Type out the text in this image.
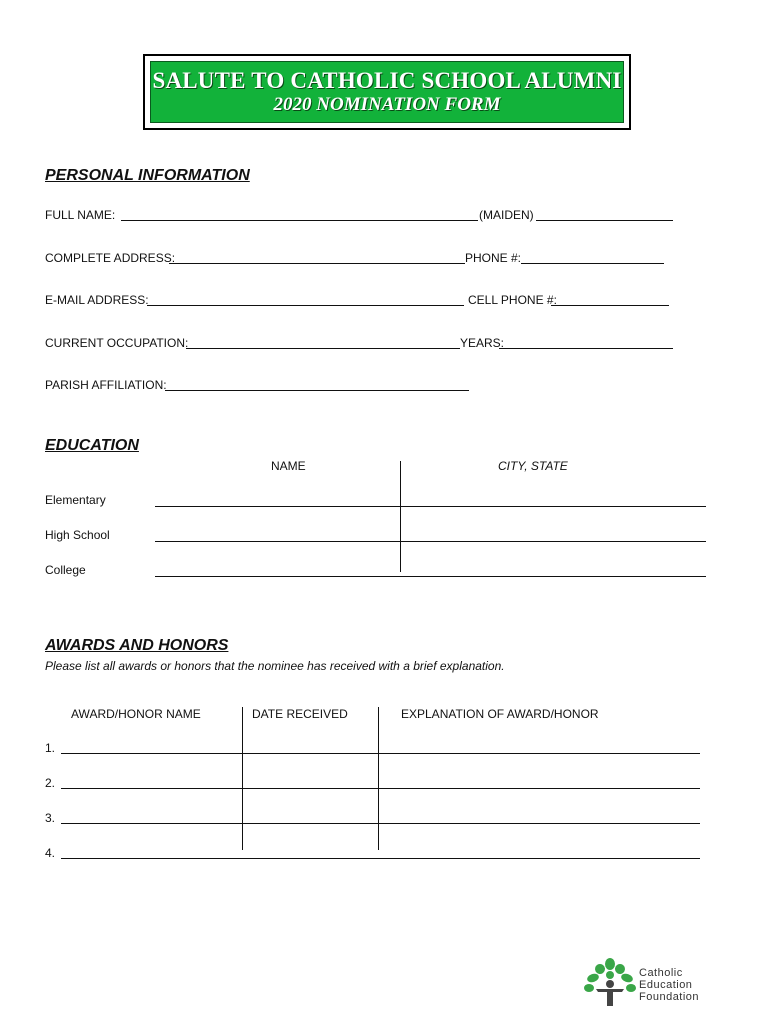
SALUTE TO CATHOLIC SCHOOL ALUMNI
2020 NOMINATION FORM
PERSONAL INFORMATION
FULL NAME:	(MAIDEN)
COMPLETE ADDRESS:	PHONE #:
E-MAIL ADDRESS:	CELL PHONE #:
CURRENT OCCUPATION:	YEARS:
PARISH AFFILIATION:
EDUCATION
NAME	CITY, STATE
Elementary
High School
College
AWARDS AND HONORS
Please list all awards or honors that the nominee has received with a brief explanation.
AWARD/HONOR NAME	DATE RECEIVED	EXPLANATION OF AWARD/HONOR
1.
2.
3.
4.
Catholic
Education
Foundation
